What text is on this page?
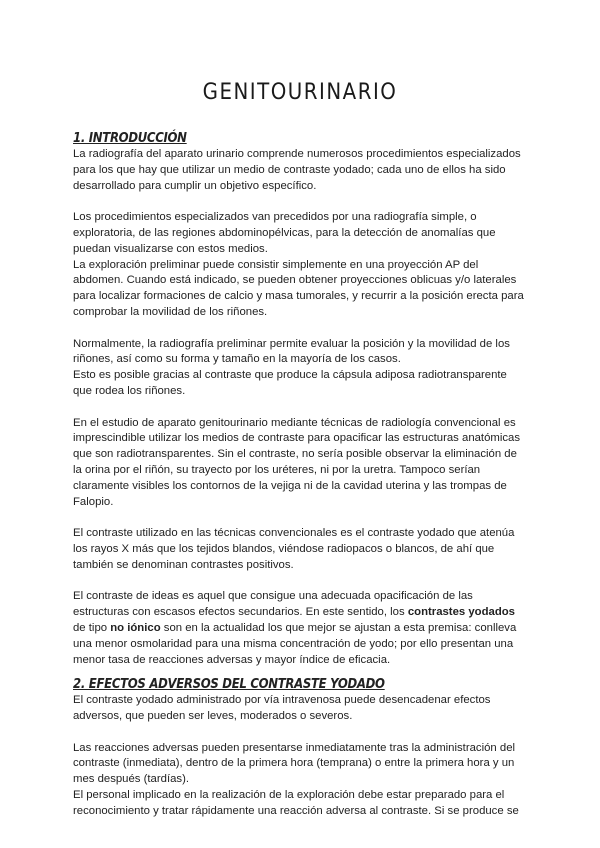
GENITOURINARIO
1. INTRODUCCIÓN

La radiografía del aparato urinario comprende numerosos procedimientos especializados para los que hay que utilizar un medio de contraste yodado; cada uno de ellos ha sido desarrollado para cumplir un objetivo específico.

Los procedimientos especializados van precedidos por una radiografía simple, o exploratoria, de las regiones abdominopélvicas, para la detección de anomalías que puedan visualizarse con estos medios.

La exploración preliminar puede consistir simplemente en una proyección AP del abdomen. Cuando está indicado, se pueden obtener proyecciones oblicuas y/o laterales para localizar formaciones de calcio y masa tumorales, y recurrir a la posición erecta para comprobar la movilidad de los riñones.

Normalmente, la radiografía preliminar permite evaluar la posición y la movilidad de los riñones, así como su forma y tamaño en la mayoría de los casos.

Esto es posible gracias al contraste que produce la cápsula adiposa radiotransparente que rodea los riñones.

En el estudio de aparato genitourinario mediante técnicas de radiología convencional es imprescindible utilizar los medios de contraste para opacificar las estructuras anatómicas que son radiotransparentes. Sin el contraste, no sería posible observar la eliminación de la orina por el riñón, su trayecto por los uréteres, ni por la uretra. Tampoco serían claramente visibles los contornos de la vejiga ni de la cavidad uterina y las trompas de Falopio.

El contraste utilizado en las técnicas convencionales es el contraste yodado que atenúa los rayos X más que los tejidos blandos, viéndose radiopacos o blancos, de ahí que también se denominan contrastes positivos.

El contraste de ideas es aquel que consigue una adecuada opacificación de las estructuras con escasos efectos secundarios. En este sentido, los contrastes yodados de tipo no iónico son en la actualidad los que mejor se ajustan a esta premisa: conlleva una menor osmolaridad para una misma concentración de yodo; por ello presentan una menor tasa de reacciones adversas y mayor índice de eficacia.

2. EFECTOS ADVERSOS DEL CONTRASTE YODADO

El contraste yodado administrado por vía intravenosa puede desencadenar efectos adversos, que pueden ser leves, moderados o severos.

Las reacciones adversas pueden presentarse inmediatamente tras la administración del contraste (inmediata), dentro de la primera hora (temprana) o entre la primera hora y un mes después (tardías).

El personal implicado en la realización de la exploración debe estar preparado para el reconocimiento y tratar rápidamente una reacción adversa al contraste. Si se produce se
